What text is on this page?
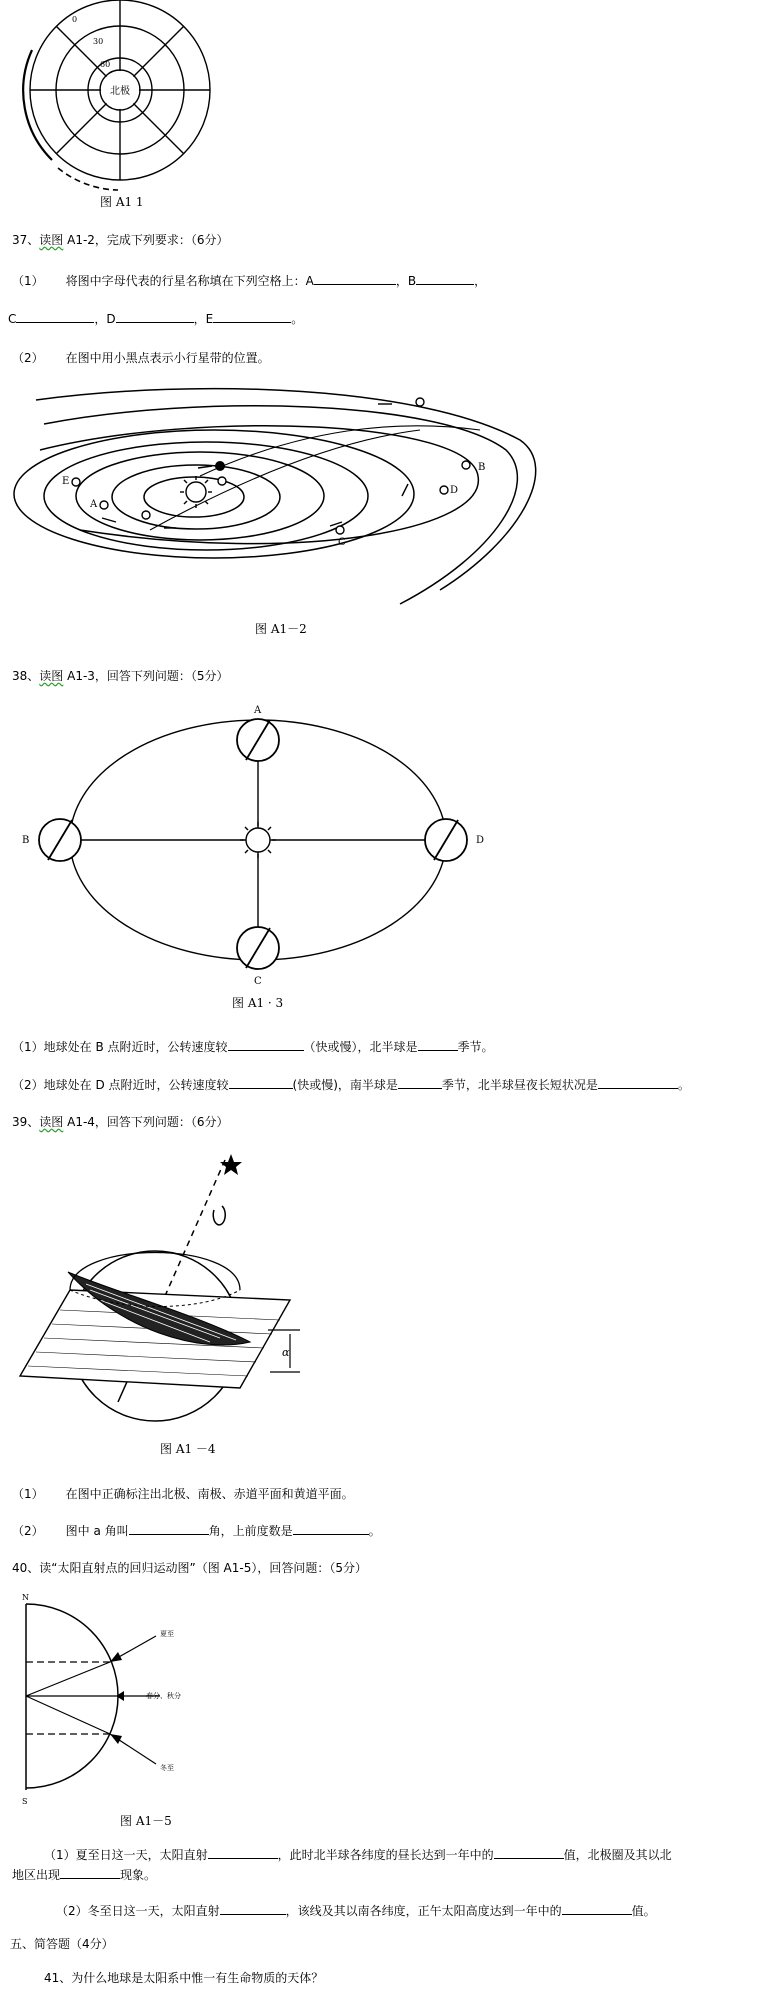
北极
60
30
0
图 A1 1
37、读图 A1-2，完成下列要求：（6分）
（1） 将图中字母代表的行星名称填在下列空格上：A	，B	，
C	，D	，E	。
（2） 在图中用小黑点表示小行星带的位置。
A
B
C
D
E
图 A1－2
38、读图 A1-3，回答下列问题：（5分）
A
B
C
D
图 A1 · 3
（1）地球处在 B 点附近时，公转速度较	（快或慢），北半球是	季节。
（2）地球处在 D 点附近时，公转速度较	(快或慢)，南半球是	季节，北半球昼夜长短状况是	。
39、读图 A1-4，回答下列问题：（6分）
α
图 A1 －4
（1） 在图中正确标注出北极、南极、赤道平面和黄道平面。
（2） 图中 a 角叫	角，上前度数是	。
40、读“太阳直射点的回归运动图”（图 A1-5），回答问题：（5分）
N
S
夏至
春分、秋分
冬至
图 A1－5
（1）夏至日这一天，太阳直射	，此时北半球各纬度的昼长达到一年中的	值，北极圈及其以北
地区出现	现象。
（2）冬至日这一天，太阳直射	，该线及其以南各纬度，正午太阳高度达到一年中的	值。
五、简答题（4分）
41、为什么地球是太阳系中惟一有生命物质的天体？
